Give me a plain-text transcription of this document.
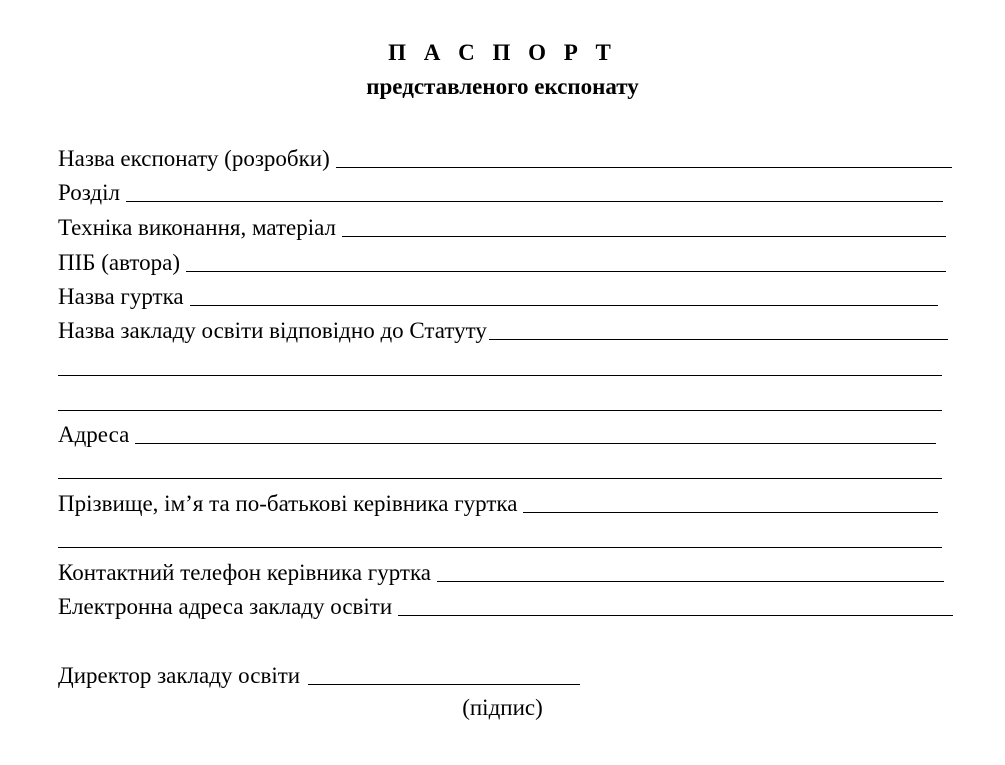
П А С П О Р Т
представленого експонату
Назва експонату (розробки)
Розділ
Техніка виконання, матеріал
ПІБ (автора)
Назва гуртка
Назва закладу освіти відповідно до Статуту
Адреса
Прізвище, ім’я та по-батькові керівника гуртка
Контактний телефон керівника гуртка
Електронна адреса закладу освіти
Директор закладу освіти

(підпис)
